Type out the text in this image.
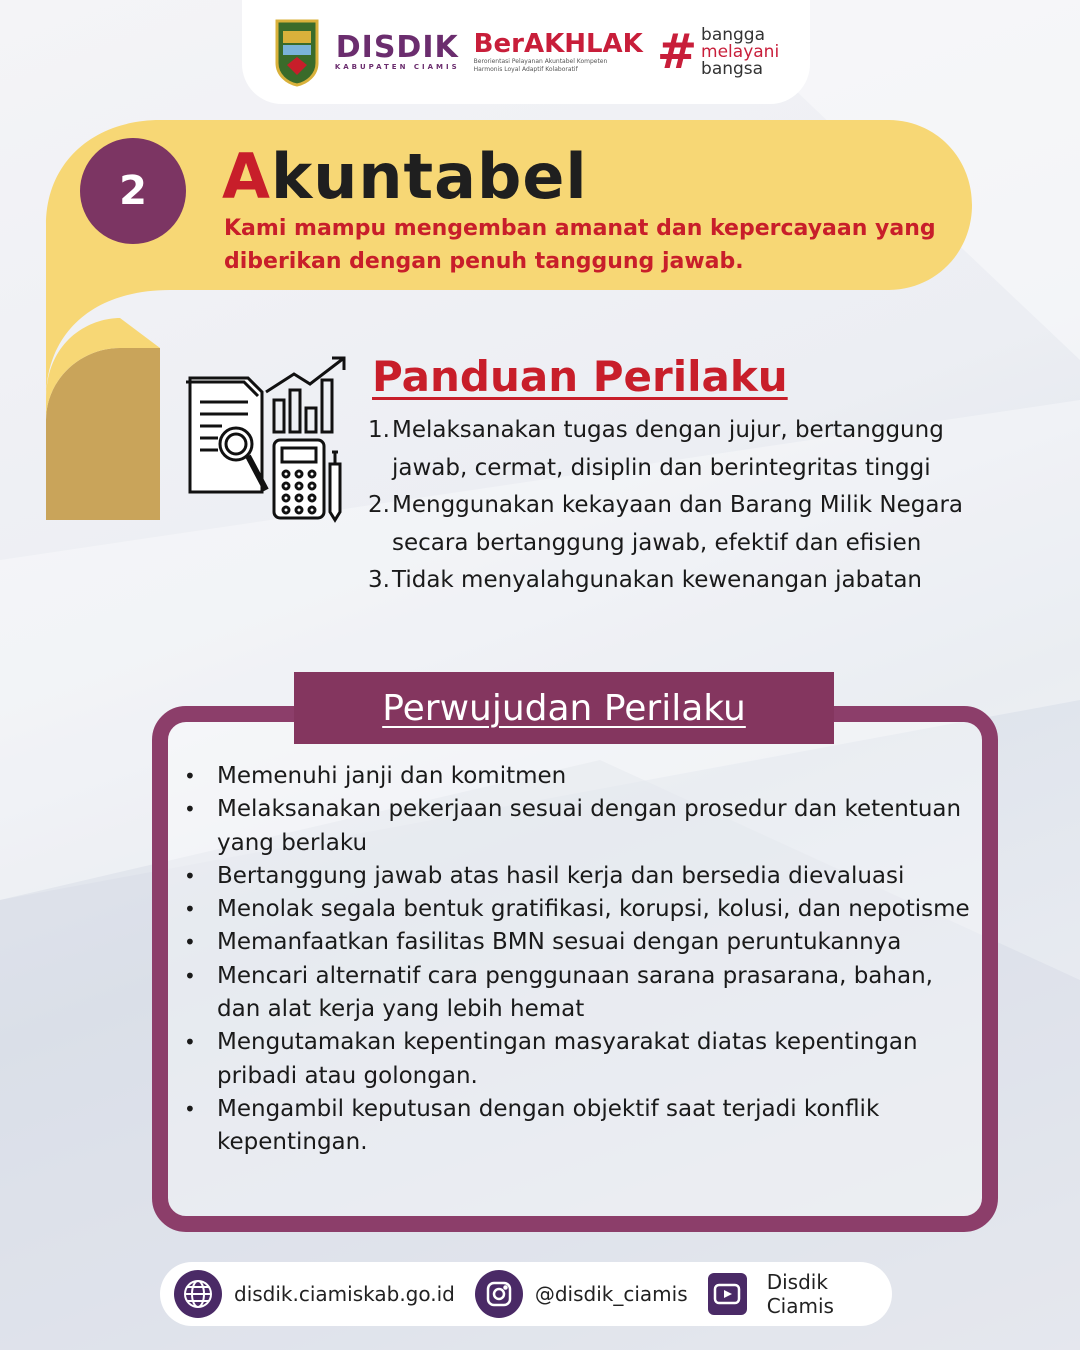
DISDIK
KABUPATEN CIAMIS
BerAKHLAK
Berorientasi Pelayanan Akuntabel Kompeten Harmonis Loyal Adaptif Kolaboratif	# bangga
melayani
bangsa
2	Akuntabel
Kami mampu mengemban amanat dan kepercayaan yang diberikan dengan penuh tanggung jawab.
Panduan Perilaku
1. Melaksanakan tugas dengan jujur, bertanggung jawab, cermat, disiplin dan berintegritas tinggi
2. Menggunakan kekayaan dan Barang Milik Negara secara bertanggung jawab, efektif dan efisien
3. Tidak menyalahgunakan kewenangan jabatan
Perwujudan Perilaku
• Memenuhi janji dan komitmen
• Melaksanakan pekerjaan sesuai dengan prosedur dan ketentuan yang berlaku
• Bertanggung jawab atas hasil kerja dan bersedia dievaluasi
• Menolak segala bentuk gratifikasi, korupsi, kolusi, dan nepotisme
• Memanfaatkan fasilitas BMN sesuai dengan peruntukannya
• Mencari alternatif cara penggunaan sarana prasarana, bahan, dan alat kerja yang lebih hemat
• Mengutamakan kepentingan masyarakat diatas kepentingan pribadi atau golongan.
• Mengambil keputusan dengan objektif saat terjadi konflik kepentingan.
disdik.ciamiskab.go.id	@disdik_ciamis	Disdik Ciamis
